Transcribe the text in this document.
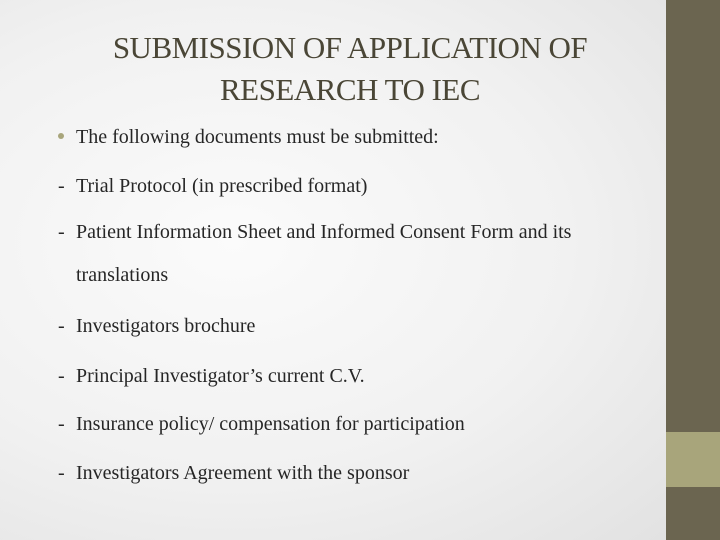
SUBMISSION OF APPLICATION OF
RESEARCH TO IEC
The following documents must be submitted:
- Trial Protocol (in prescribed format)
- Patient Information Sheet and Informed Consent Form and its
translations
- Investigators brochure
- Principal Investigator’s current C.V.
- Insurance policy/ compensation for participation
- Investigators Agreement with the sponsor
